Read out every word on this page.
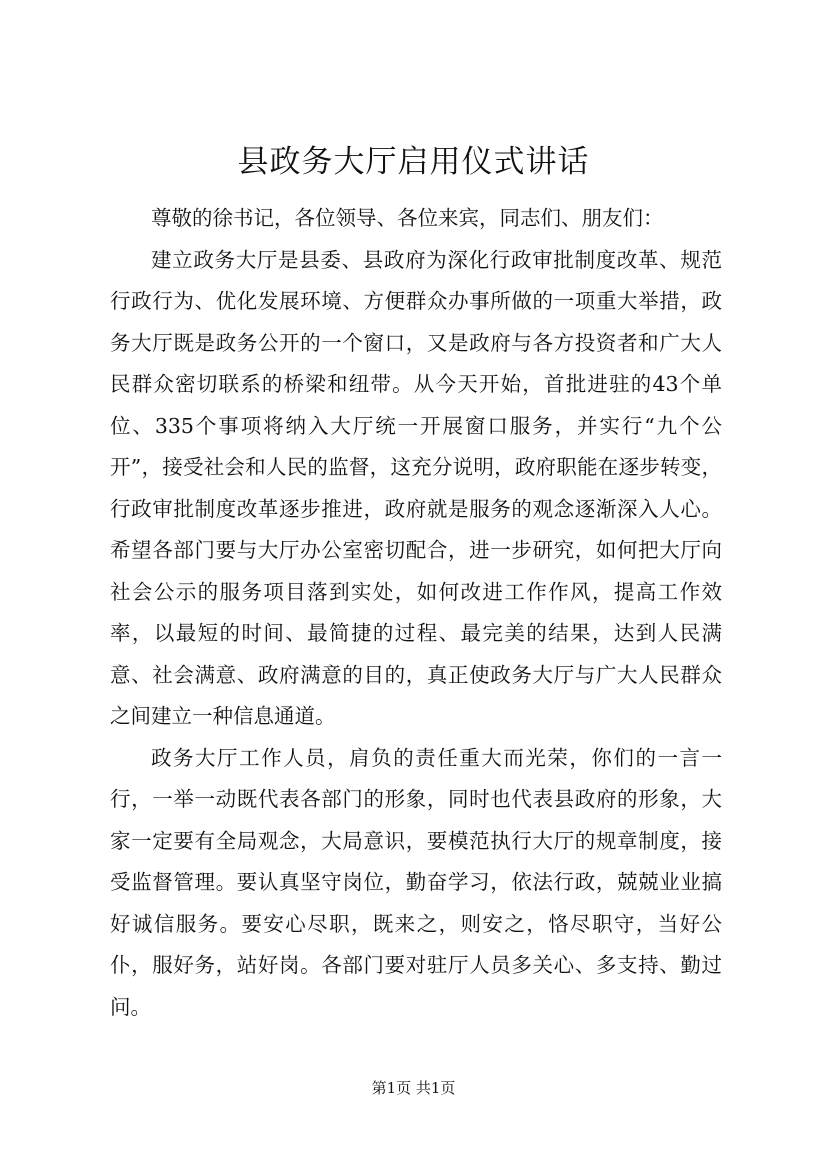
县政务大厅启用仪式讲话

尊敬的徐书记，各位领导、各位来宾，同志们、朋友们：

建立政务大厅是县委、县政府为深化行政审批制度改革、规范行政行为、优化发展环境、方便群众办事所做的一项重大举措，政务大厅既是政务公开的一个窗口，又是政府与各方投资者和广大人民群众密切联系的桥梁和纽带。从今天开始，首批进驻的43个单位、335个事项将纳入大厅统一开展窗口服务，并实行“九个公开”，接受社会和人民的监督，这充分说明，政府职能在逐步转变，行政审批制度改革逐步推进，政府就是服务的观念逐渐深入人心。希望各部门要与大厅办公室密切配合，进一步研究，如何把大厅向社会公示的服务项目落到实处，如何改进工作作风，提高工作效率，以最短的时间、最简捷的过程、最完美的结果，达到人民满意、社会满意、政府满意的目的，真正使政务大厅与广大人民群众之间建立一种信息通道。

政务大厅工作人员，肩负的责任重大而光荣，你们的一言一行，一举一动既代表各部门的形象，同时也代表县政府的形象，大家一定要有全局观念，大局意识，要模范执行大厅的规章制度，接受监督管理。要认真坚守岗位，勤奋学习，依法行政，兢兢业业搞好诚信服务。要安心尽职，既来之，则安之，恪尽职守，当好公仆，服好务，站好岗。各部门要对驻厅人员多关心、多支持、勤过问。

第1页 共1页
